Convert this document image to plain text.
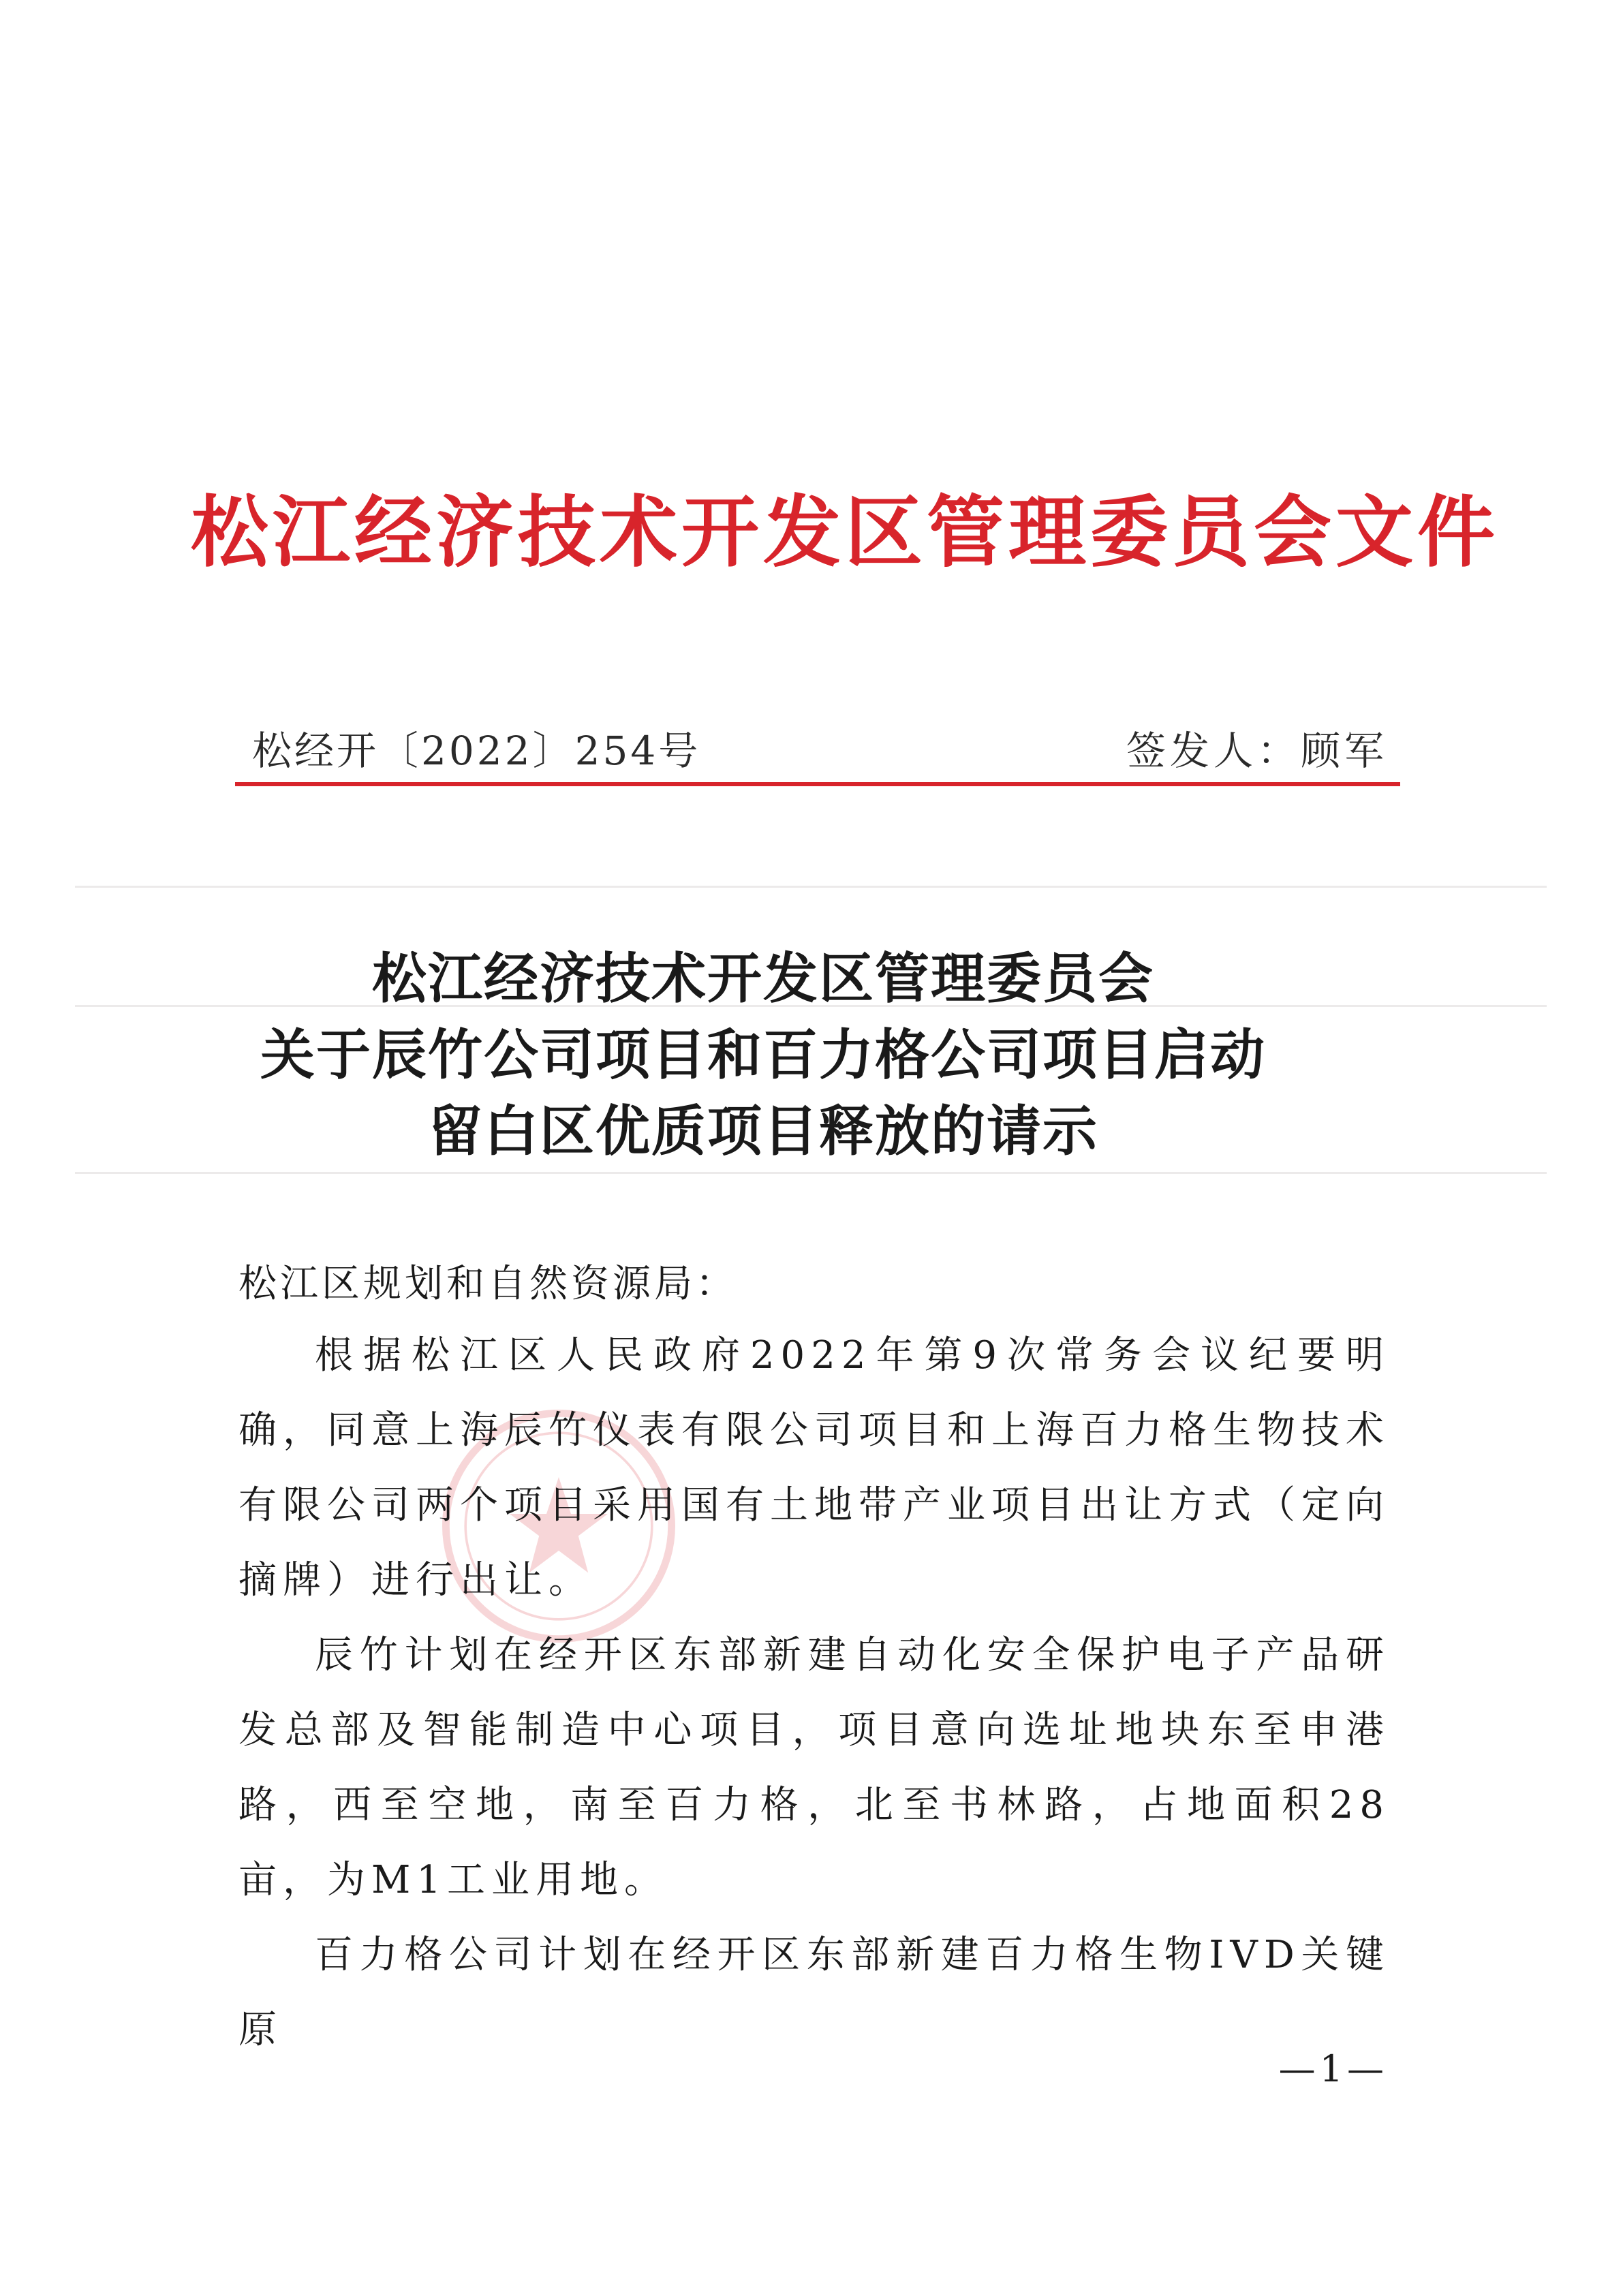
松江经济技术开发区管理委员会文件
松经开〔2022〕254号	签发人：顾军
松江经济技术开发区管理委员会
关于辰竹公司项目和百力格公司项目启动
留白区优质项目释放的请示
松江区规划和自然资源局：
根据松江区人民政府2022年第9次常务会议纪要明确，同意上海辰竹仪表有限公司项目和上海百力格生物技术有限公司两个项目采用国有土地带产业项目出让方式（定向摘牌）进行出让。
辰竹计划在经开区东部新建自动化安全保护电子产品研发总部及智能制造中心项目，项目意向选址地块东至申港路，西至空地，南至百力格，北至书林路，占地面积28亩，为M1工业用地。
百力格公司计划在经开区东部新建百力格生物IVD关键原
—1—
